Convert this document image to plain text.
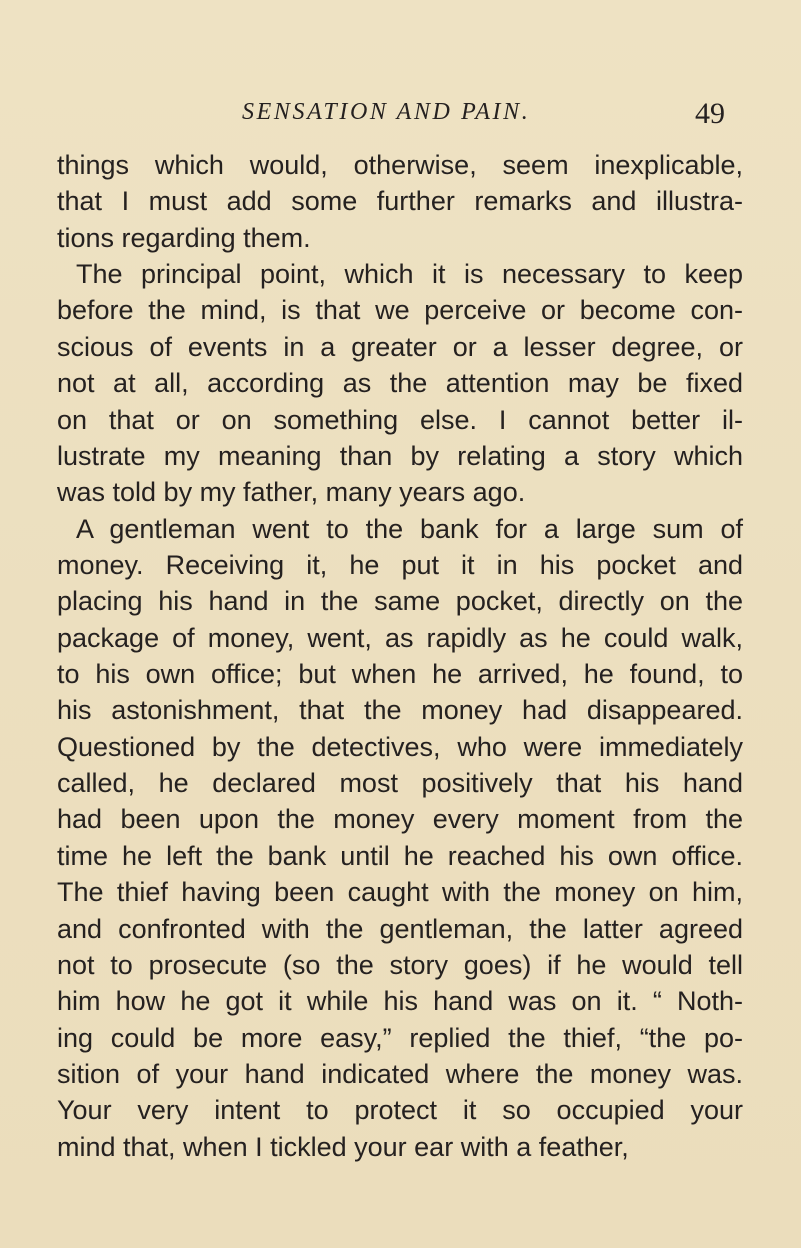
SENSATION AND PAIN.	49
things which would, otherwise, seem inexplicable,
that I must add some further remarks and illustra-
tions regarding them.
The principal point, which it is necessary to keep
before the mind, is that we perceive or become con-
scious of events in a greater or a lesser degree, or
not at all, according as the attention may be fixed
on that or on something else. I cannot better il-
lustrate my meaning than by relating a story which
was told by my father, many years ago.
A gentleman went to the bank for a large sum of
money. Receiving it, he put it in his pocket and
placing his hand in the same pocket, directly on the
package of money, went, as rapidly as he could walk,
to his own office; but when he arrived, he found, to
his astonishment, that the money had disappeared.
Questioned by the detectives, who were immediately
called, he declared most positively that his hand
had been upon the money every moment from the
time he left the bank until he reached his own office.
The thief having been caught with the money on him,
and confronted with the gentleman, the latter agreed
not to prosecute (so the story goes) if he would tell
him how he got it while his hand was on it. “ Noth-
ing could be more easy,” replied the thief, “the po-
sition of your hand indicated where the money was.
Your very intent to protect it so occupied your
mind that, when I tickled your ear with a feather,
